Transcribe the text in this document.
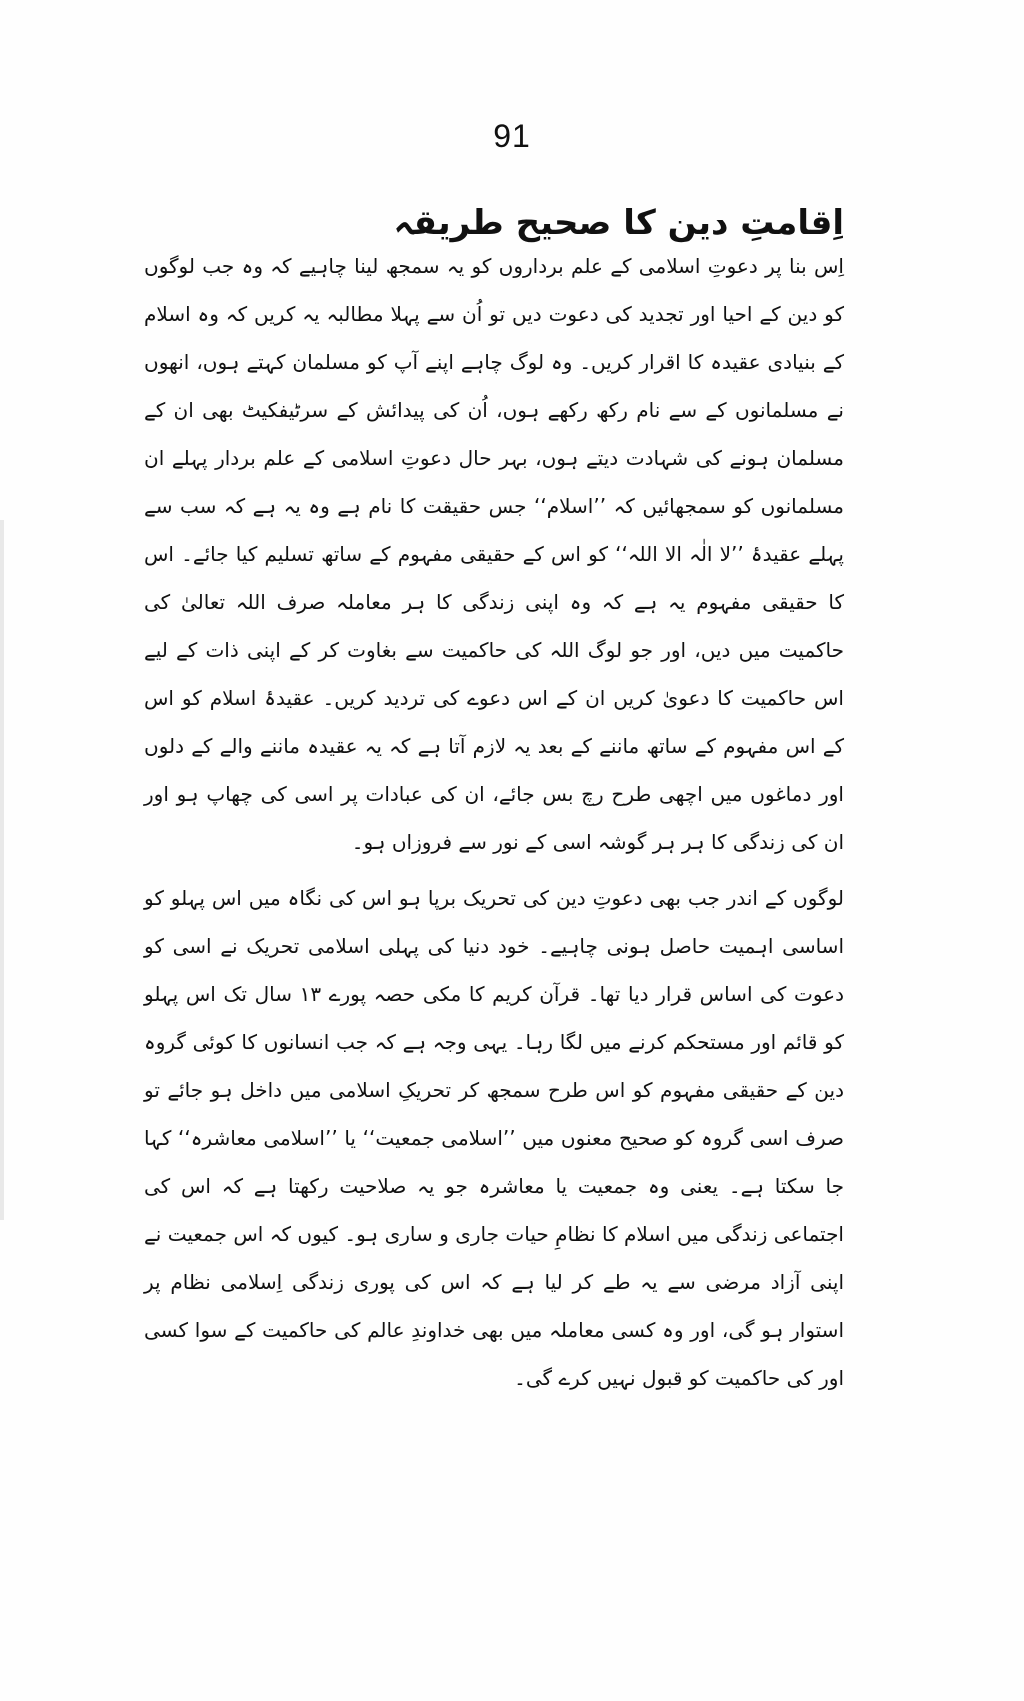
91
اِقامتِ دین کا صحیح طریقہ

اِس بنا پر دعوتِ اسلامی کے علم برداروں کو یہ سمجھ لینا چاہیے کہ وہ جب لوگوں کو دین کے احیا اور تجدید کی دعوت دیں تو اُن سے پہلا مطالبہ یہ کریں کہ وہ اسلام کے بنیادی عقیدہ کا اقرار کریں۔ وہ لوگ چاہے اپنے آپ کو مسلمان کہتے ہوں، انھوں نے مسلمانوں کے سے نام رکھ رکھے ہوں، اُن کی پیدائش کے سرٹیفکیٹ بھی ان کے مسلمان ہونے کی شہادت دیتے ہوں، بہر حال دعوتِ اسلامی کے علم بردار پہلے ان مسلمانوں کو سمجھائیں کہ ’’اسلام‘‘ جس حقیقت کا نام ہے وہ یہ ہے کہ سب سے پہلے عقیدۂ ’’لا الٰہ الا اللہ‘‘ کو اس کے حقیقی مفہوم کے ساتھ تسلیم کیا جائے۔ اس کا حقیقی مفہوم یہ ہے کہ وہ اپنی زندگی کا ہر معاملہ صرف اللہ تعالیٰ کی حاکمیت میں دیں، اور جو لوگ اللہ کی حاکمیت سے بغاوت کر کے اپنی ذات کے لیے اس حاکمیت کا دعویٰ کریں ان کے اس دعوے کی تردید کریں۔ عقیدۂ اسلام کو اس کے اس مفہوم کے ساتھ ماننے کے بعد یہ لازم آتا ہے کہ یہ عقیدہ ماننے والے کے دلوں اور دماغوں میں اچھی طرح رچ بس جائے، ان کی عبادات پر اسی کی چھاپ ہو اور ان کی زندگی کا ہر ہر گوشہ اسی کے نور سے فروزاں ہو۔

لوگوں کے اندر جب بھی دعوتِ دین کی تحریک برپا ہو اس کی نگاہ میں اس پہلو کو اساسی اہمیت حاصل ہونی چاہیے۔ خود دنیا کی پہلی اسلامی تحریک نے اسی کو دعوت کی اساس قرار دیا تھا۔ قرآن کریم کا مکی حصہ پورے ۱۳ سال تک اس پہلو کو قائم اور مستحکم کرنے میں لگا رہا۔ یہی وجہ ہے کہ جب انسانوں کا کوئی گروہ دین کے حقیقی مفہوم کو اس طرح سمجھ کر تحریکِ اسلامی میں داخل ہو جائے تو صرف اسی گروہ کو صحیح معنوں میں ’’اسلامی جمعیت‘‘ یا ’’اسلامی معاشرہ‘‘ کہا جا سکتا ہے۔ یعنی وہ جمعیت یا معاشرہ جو یہ صلاحیت رکھتا ہے کہ اس کی اجتماعی زندگی میں اسلام کا نظامِ حیات جاری و ساری ہو۔ کیوں کہ اس جمعیت نے اپنی آزاد مرضی سے یہ طے کر لیا ہے کہ اس کی پوری زندگی اِسلامی نظام پر استوار ہو گی، اور وہ کسی معاملہ میں بھی خداوندِ عالم کی حاکمیت کے سوا کسی اور کی حاکمیت کو قبول نہیں کرے گی۔
